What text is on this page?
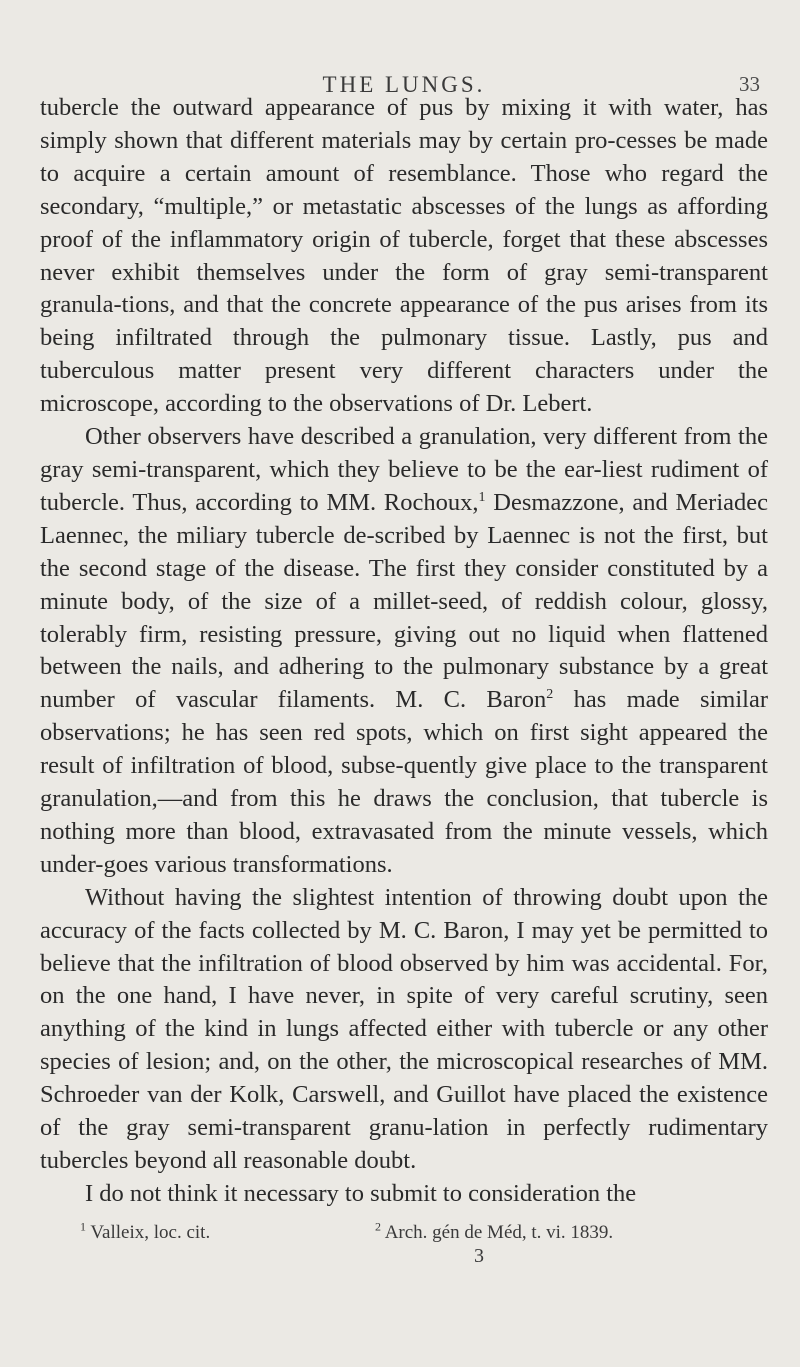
THE LUNGS.	33

tubercle the outward appearance of pus by mixing it with water, has simply shown that different materials may by certain pro-cesses be made to acquire a certain amount of resemblance. Those who regard the secondary, “multiple,” or metastatic abscesses of the lungs as affording proof of the inflammatory origin of tubercle, forget that these abscesses never exhibit themselves under the form of gray semi-transparent granula-tions, and that the concrete appearance of the pus arises from its being infiltrated through the pulmonary tissue. Lastly, pus and tuberculous matter present very different characters under the microscope, according to the observations of Dr. Lebert.

Other observers have described a granulation, very different from the gray semi-transparent, which they believe to be the ear-liest rudiment of tubercle. Thus, according to MM. Rochoux,$^1$ Desmazzone, and Meriadec Laennec, the miliary tubercle de-scribed by Laennec is not the first, but the second stage of the disease. The first they consider constituted by a minute body, of the size of a millet-seed, of reddish colour, glossy, tolerably firm, resisting pressure, giving out no liquid when flattened between the nails, and adhering to the pulmonary substance by a great number of vascular filaments. M. C. Baron$^2$ has made similar observations; he has seen red spots, which on first sight appeared the result of infiltration of blood, subse-quently give place to the transparent granulation,—and from this he draws the conclusion, that tubercle is nothing more than blood, extravasated from the minute vessels, which under-goes various transformations.

Without having the slightest intention of throwing doubt upon the accuracy of the facts collected by M. C. Baron, I may yet be permitted to believe that the infiltration of blood observed by him was accidental. For, on the one hand, I have never, in spite of very careful scrutiny, seen anything of the kind in lungs affected either with tubercle or any other species of lesion; and, on the other, the microscopical researches of MM. Schroeder van der Kolk, Carswell, and Guillot have placed the existence of the gray semi-transparent granu-lation in perfectly rudimentary tubercles beyond all reasonable doubt.

I do not think it necessary to submit to consideration the

$^1$ Valleix, loc. cit.	$^2$ Arch. gén de Méd, t. vi. 1839.
3
